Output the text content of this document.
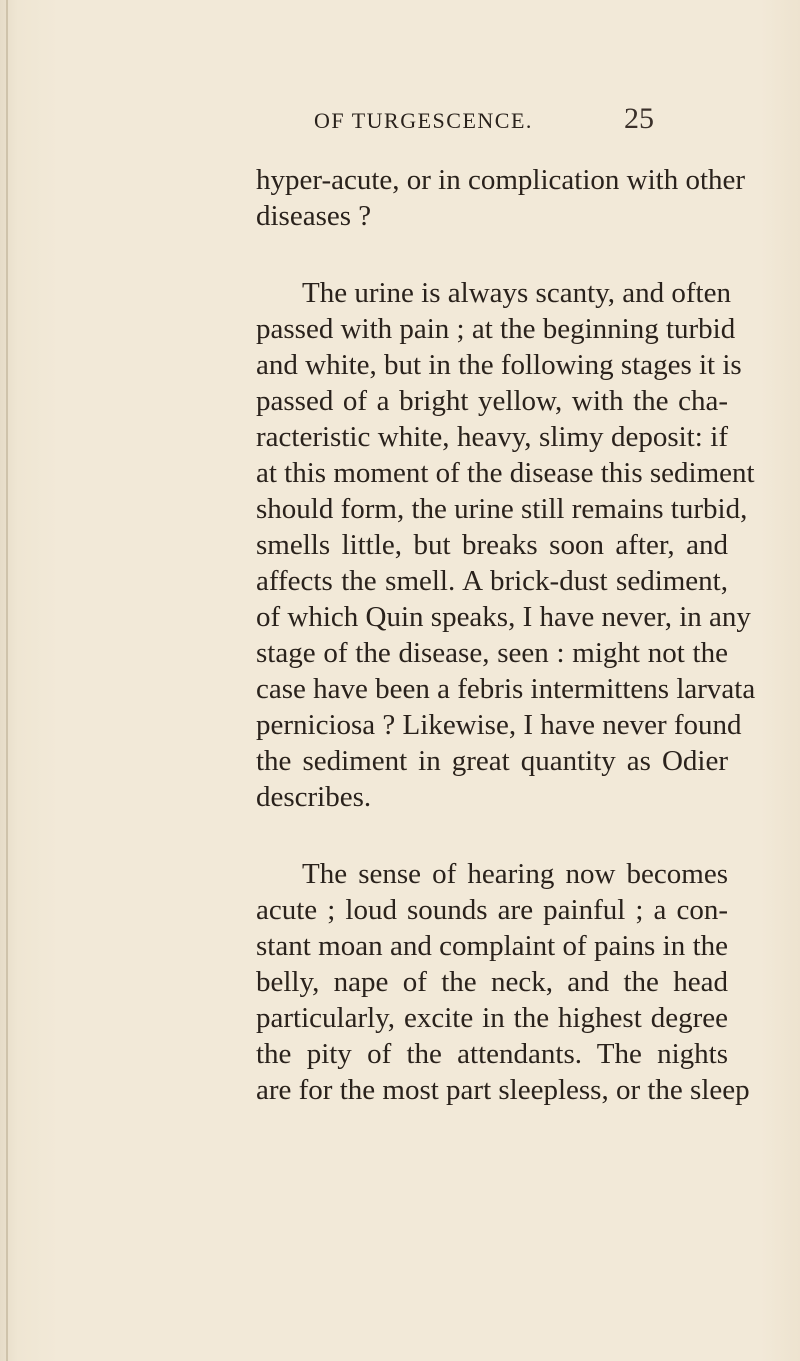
OF TURGESCENCE.	25
hyper-acute, or in complication with other
diseases ?
The urine is always scanty, and often
passed with pain ; at the beginning turbid
and white, but in the following stages it is
passed of a bright yellow, with the cha-
racteristic white, heavy, slimy deposit: if
at this moment of the disease this sediment
should form, the urine still remains turbid,
smells little, but breaks soon after, and
affects the smell. A brick-dust sediment,
of which Quin speaks, I have never, in any
stage of the disease, seen : might not the
case have been a febris intermittens larvata
perniciosa ? Likewise, I have never found
the sediment in great quantity as Odier
describes.
The sense of hearing now becomes
acute ; loud sounds are painful ; a con-
stant moan and complaint of pains in the
belly, nape of the neck, and the head
particularly, excite in the highest degree
the pity of the attendants. The nights
are for the most part sleepless, or the sleep
